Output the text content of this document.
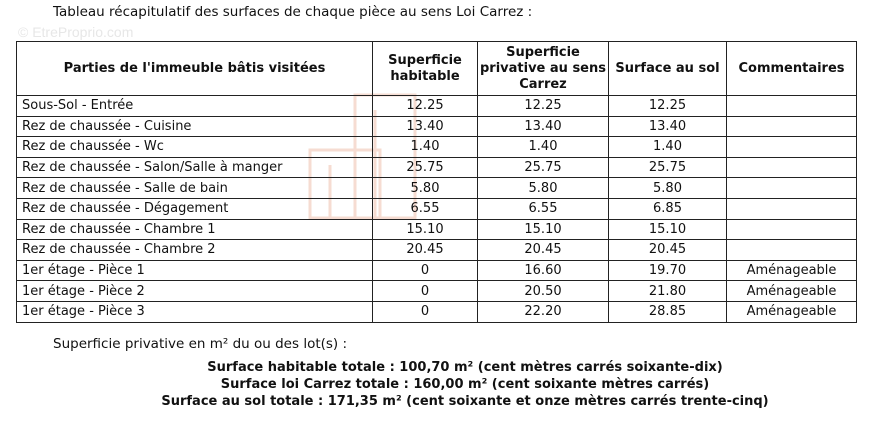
Tableau récapitulatif des surfaces de chaque pièce au sens Loi Carrez :
© EtreProprio.com
Parties de l'immeuble bâtis visitées	Superficie habitable	Superficie privative au sens Carrez	Surface au sol	Commentaires
Sous-Sol - Entrée	12.25	12.25	12.25	
Rez de chaussée - Cuisine	13.40	13.40	13.40	
Rez de chaussée - Wc	1.40	1.40	1.40	
Rez de chaussée - Salon/Salle à manger	25.75	25.75	25.75	
Rez de chaussée - Salle de bain	5.80	5.80	5.80	
Rez de chaussée - Dégagement	6.55	6.55	6.85	
Rez de chaussée - Chambre 1	15.10	15.10	15.10	
Rez de chaussée - Chambre 2	20.45	20.45	20.45	
1er étage - Pièce 1	0	16.60	19.70	Aménageable
1er étage - Pièce 2	0	20.50	21.80	Aménageable
1er étage - Pièce 3	0	22.20	28.85	Aménageable
Superficie privative en m² du ou des lot(s) :
Surface habitable totale : 100,70 m² (cent mètres carrés soixante-dix)
Surface loi Carrez totale : 160,00 m² (cent soixante mètres carrés)
Surface au sol totale : 171,35 m² (cent soixante et onze mètres carrés trente-cinq)
